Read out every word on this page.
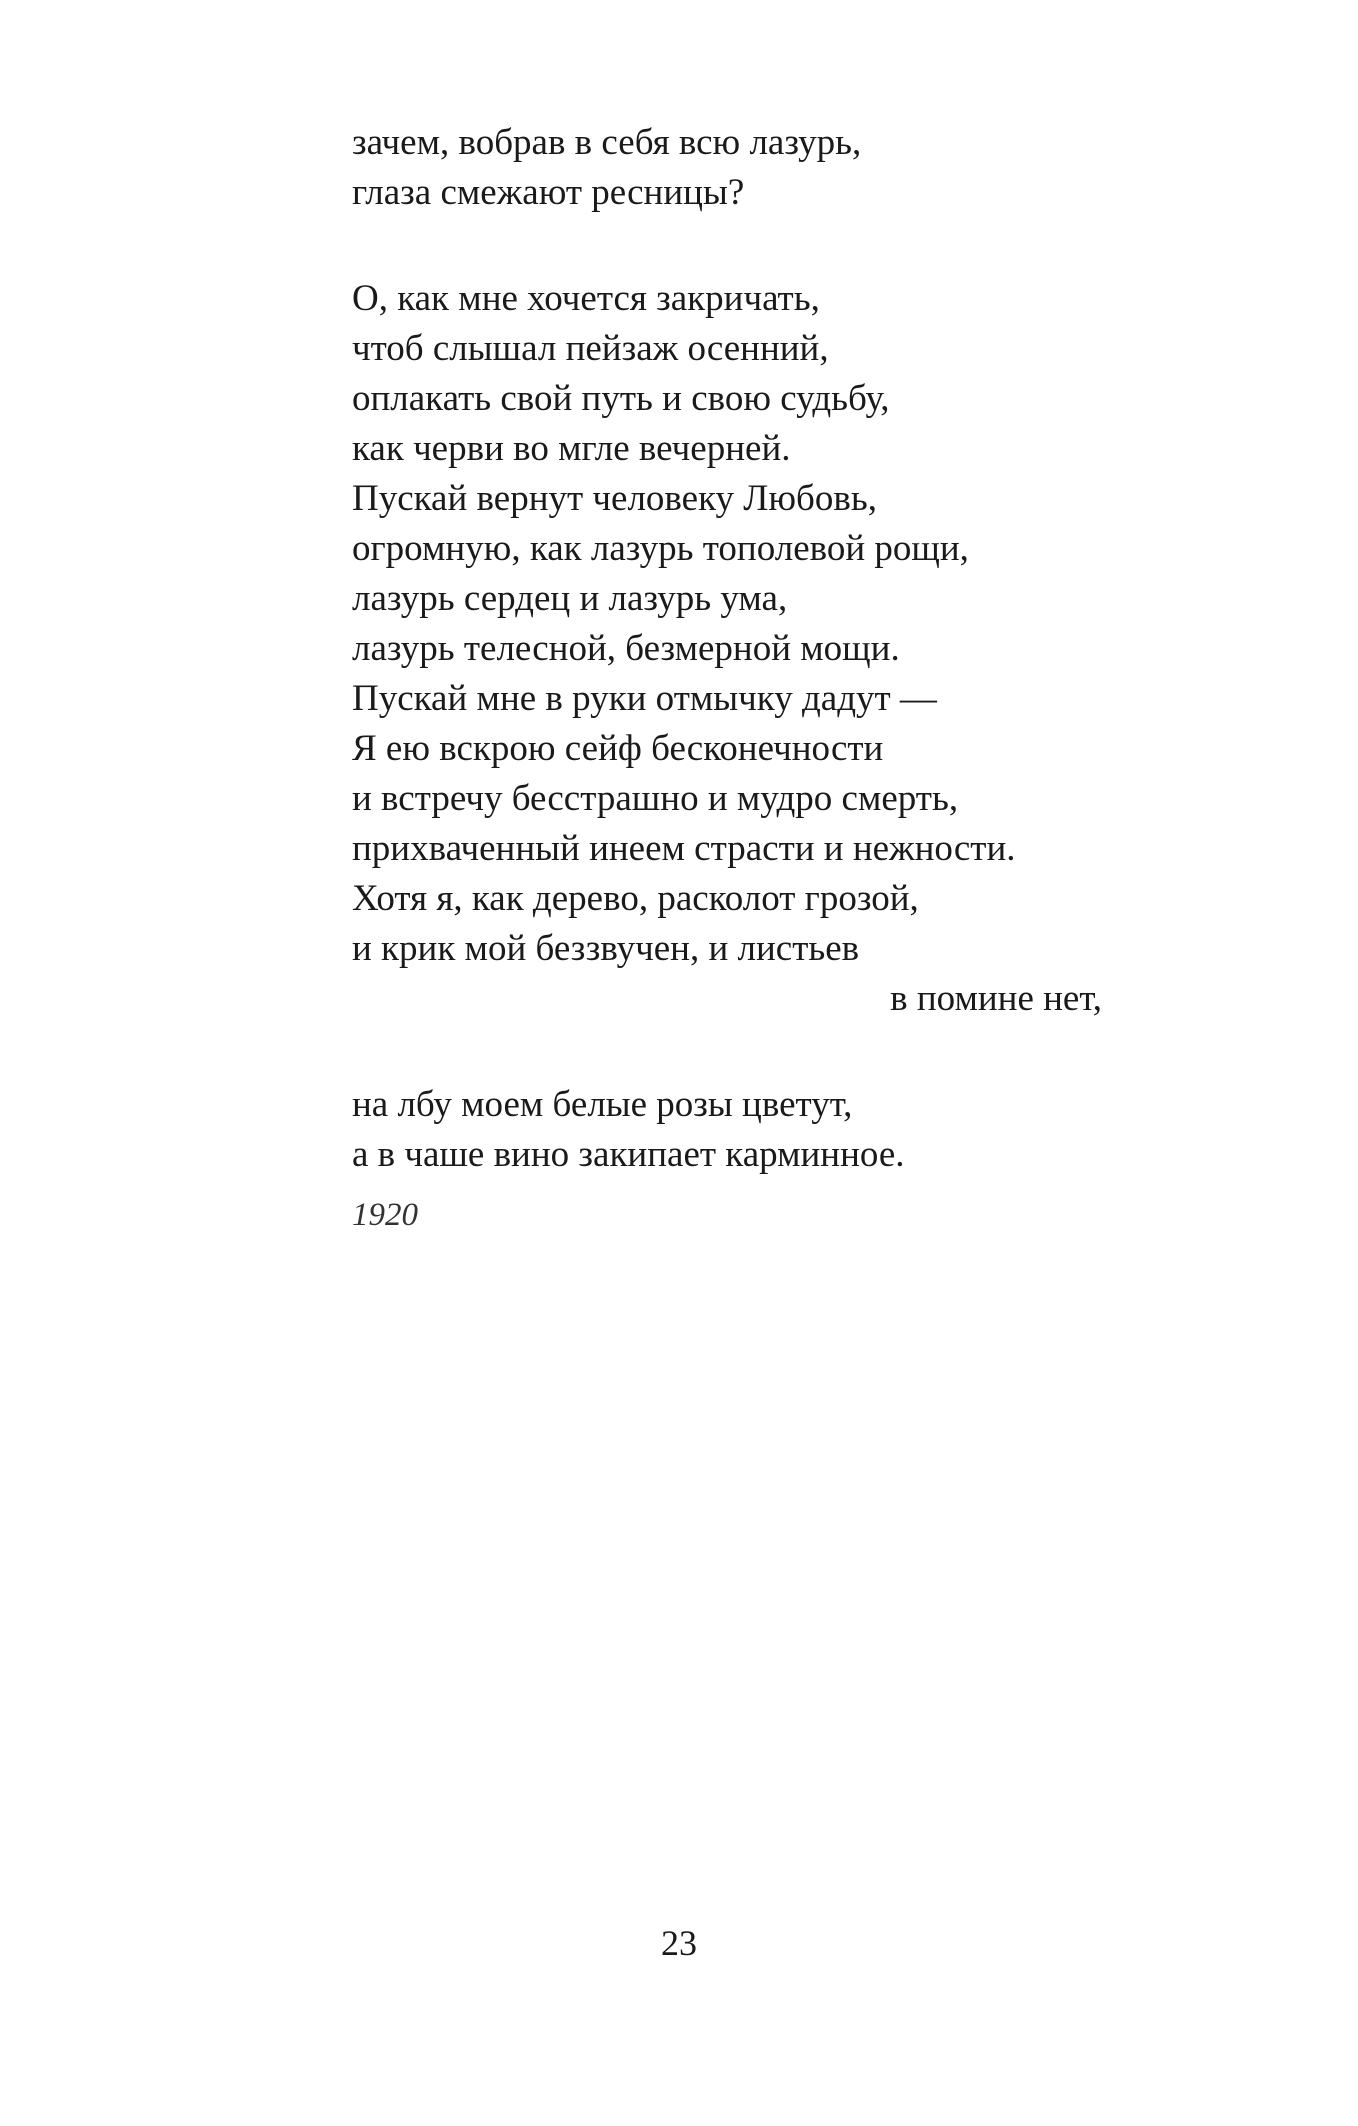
зачем, вобрав в себя всю лазурь,
глаза смежают ресницы?
О, как мне хочется закричать,
чтоб слышал пейзаж осенний,
оплакать свой путь и свою судьбу,
как черви во мгле вечерней.
Пускай вернут человеку Любовь,
огромную, как лазурь тополевой рощи,
лазурь сердец и лазурь ума,
лазурь телесной, безмерной мощи.
Пускай мне в руки отмычку дадут —
Я ею вскрою сейф бесконечности
и встречу бесстрашно и мудро смерть,
прихваченный инеем страсти и нежности.
Хотя я, как дерево, расколот грозой,
и крик мой беззвучен, и листьев
в помине нет,
на лбу моем белые розы цветут,
а в чаше вино закипает карминное.
1920
23
